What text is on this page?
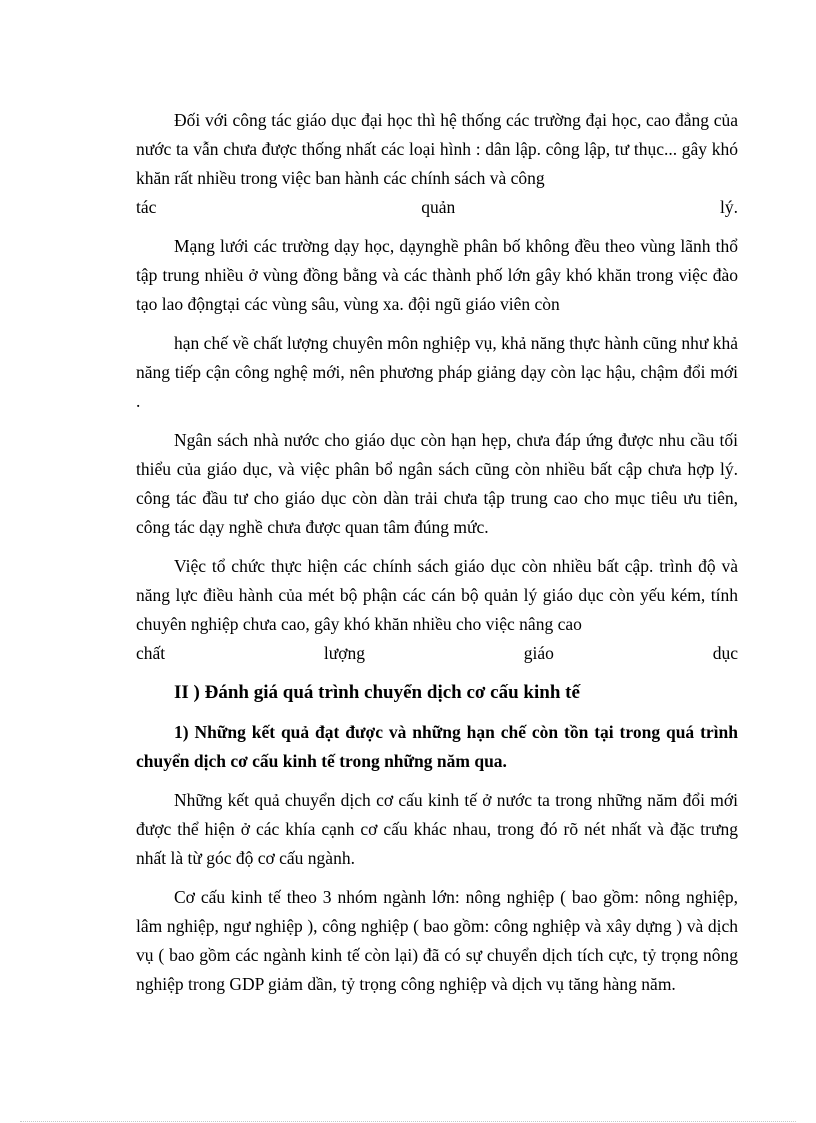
Đối với công tác giáo dục đại học thì hệ thống các trường đại học, cao đẳng của nước ta vẫn chưa được thống nhất các loại hình : dân lập. công lập, tư thục... gây khó khăn rất nhiều trong việc ban hành các chính sách và công

tác	quản	lý.

Mạng lưới các trường dạy học, dạynghề phân bố không đều theo vùng lãnh thổ tập trung nhiều ở vùng đồng bằng và các thành phố lớn gây khó khăn trong việc đào tạo lao độngtại các vùng sâu, vùng xa. đội ngũ giáo viên còn

hạn chế về chất lượng chuyên môn nghiệp vụ, khả năng thực hành cũng như khả năng tiếp cận công nghệ mới, nên phương pháp giảng dạy còn lạc hậu, chậm đổi mới .

Ngân sách nhà nước cho giáo dục còn hạn hẹp, chưa đáp ứng được nhu cầu tối thiểu của giáo dục, và việc phân bổ ngân sách cũng còn nhiều bất cập chưa hợp lý. công tác đầu tư cho giáo dục còn dàn trải chưa tập trung cao cho mục tiêu ưu tiên, công tác dạy nghề chưa được quan tâm đúng mức.

Việc tổ chức thực hiện các chính sách giáo dục còn nhiều bất cập. trình độ và năng lực điều hành của mét bộ phận các cán bộ quản lý giáo dục còn yếu kém, tính chuyên nghiệp chưa cao, gây khó khăn nhiều cho việc nâng cao

chất	lượng	giáo	dục
II ) Đánh giá quá trình chuyển dịch cơ cấu kinh tế

1) Những kết quả đạt được và những hạn chế còn tồn tại trong quá trình chuyển dịch cơ cấu kinh tế trong những năm qua.

Những kết quả chuyển dịch cơ cấu kinh tế ở nước ta trong những năm đổi mới được thể hiện ở các khía cạnh cơ cấu khác nhau, trong đó rõ nét nhất và đặc trưng nhất là từ góc độ cơ cấu ngành.

Cơ cấu kinh tế theo 3 nhóm ngành lớn: nông nghiệp ( bao gồm: nông nghiệp, lâm nghiệp, ngư nghiệp ), công nghiệp ( bao gồm: công nghiệp và xây dựng ) và dịch vụ ( bao gồm các ngành kinh tế còn lại) đã có sự chuyển dịch tích cực, tỷ trọng nông nghiệp trong GDP giảm dần, tỷ trọng công nghiệp và dịch vụ tăng hàng năm.
